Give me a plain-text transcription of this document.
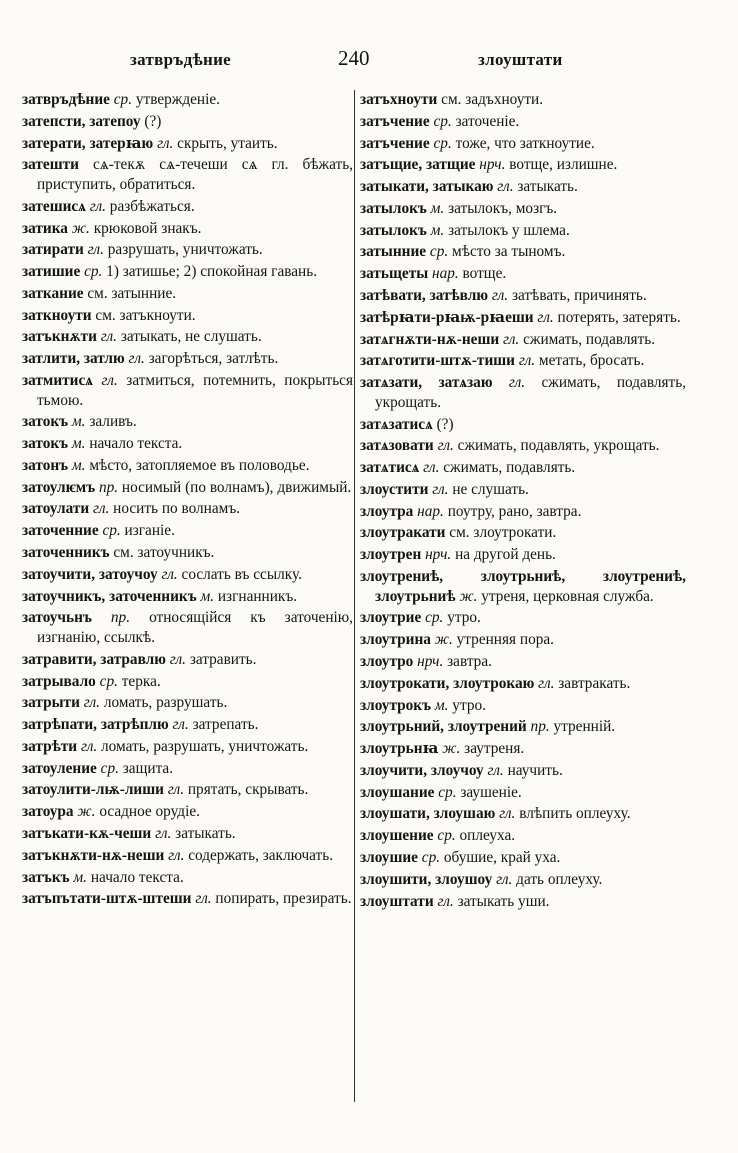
затвръдѣние	240	злоуштати
затвръдѣние ср. утвержденіе.
затепсти, затепоу (?)
затерати, затерꙗю гл. скрыть, утаить.
затешти сѧ-текѫ сѧ-течеши сѧ гл. бѣжать, приступить, обратиться.
затешисѧ гл. разбѣжаться.
затика ж. крюковой знакъ.
затирати гл. разрушать, уничтожать.
затишие ср. 1) затишье; 2) спокойная гавань.
затканиe см. затынние.
заткноути см. затъкноути.
затъкнѫти гл. затыкать, не слушать.
затлити, затлю гл. загорѣться, затлѣть.
затмитисѧ гл. затмиться, потемнить, покрыться тьмою.
затокъ м. заливъ.
затокъ м. начало текста.
затонъ м. мѣсто, затопляемое въ половодье.
затоулѥмъ пр. носимый (по волнамъ), движимый.
затоулати гл. носить по волнамъ.
заточенние ср. изганіе.
заточенникъ см. затоучникъ.
затоучити, затоучоу гл. сослать въ ссылку.
затоучникъ, заточенникъ м. изгнанникъ.
затоучьнъ пр. относящійся къ заточенію, изгнанію, ссылкѣ.
затравити, затравлю гл. затравить.
затрывало ср. терка.
затрыти гл. ломать, разрушать.
затрѣпати, затрѣплю гл. затрепать.
затрѣти гл. ломать, разрушать, уничтожать.
затоуление ср. защита.
затоулити-лѭ-лиши гл. прятать, скрывать.
затоура ж. осадное орудіе.
затъкати-кѫ-чеши гл. затыкать.
затъкнѫти-нѫ-неши гл. содержать, заключать.
затъкъ м. начало текста.
затъпътати-штѫ-штеши гл. попирать, презирать.
затъхноути см. задъхноути.
затъчение ср. заточеніе.
затъчение ср. тоже, что заткноутие.
затъщие, затщие нрч. вотще, излишне.
затыкати, затыкаю гл. затыкать.
затылокъ м. затылокъ, мозгъ.
затылокъ м. затылокъ у шлема.
затынние ср. мѣсто за тыномъ.
затьщеты нар. вотще.
затѣвати, затѣвлю гл. затѣвать, причинять.
затѣрꙗти-рꙗѭ-рꙗеши гл. потерять, затерять.
затѧгнѫти-нѫ-неши гл. сжимать, подавлять.
затѧготити-штѫ-тиши гл. метать, бросать.
затѧзати, затѧзаю гл. сжимать, подавлять, укрощать.
затѧзатисѧ (?)
затѧзовати гл. сжимать, подавлять, укрощать.
затѧтисѧ гл. сжимать, подавлять.
злоустити гл. не слушать.
злоутра нар. поутру, рано, завтра.
злоутракати см. злоутрокати.
злоутрен нрч. на другой день.
злоутрениѣ, злоутрьниѣ, злоутрениѣ, злоутрьниѣ ж. утреня, церковная служба.
злоутрие ср. утро.
злоутрина ж. утренняя пора.
злоутро нрч. завтра.
злоутрокати, злоутрокаю гл. завтракать.
злоутрокъ м. утро.
злоутрьний, злоутрений пр. утренній.
злоутрьнꙗ ж. заутреня.
злоучити, злоучоу гл. научить.
злоушание ср. заушеніе.
злоушати, злоушаю гл. влѣпить оплеуху.
злоушение ср. оплеуха.
злоушие ср. обушие, край уха.
злоушити, злоушоу гл. дать оплеуху.
злоуштати гл. затыкать уши.
